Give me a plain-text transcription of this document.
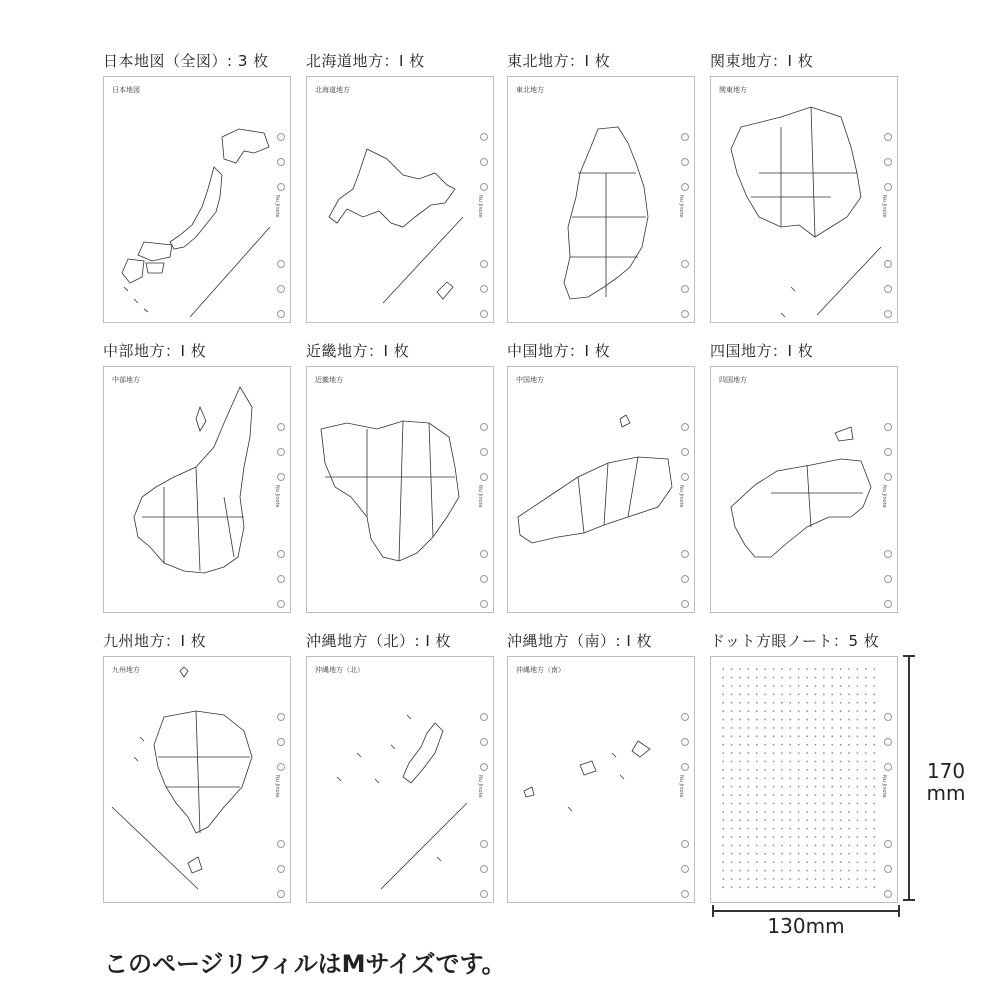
日本地図（全図）: 3 枚
日本地図
Nu Jinote
北海道地方：I 枚
北海道地方
Nu Jinote
東北地方：I 枚
東北地方
Nu Jinote
関東地方：I 枚
関東地方
Nu Jinote
中部地方：I 枚
中部地方
Nu Jinote
近畿地方：I 枚
近畿地方
Nu Jinote
中国地方：I 枚
中国地方
Nu Jinote
四国地方：I 枚
四国地方
Nu Jinote
九州地方：I 枚
九州地方
Nu Jinote
沖縄地方（北）: I 枚
沖縄地方（北）
Nu Jinote
沖縄地方（南）: I 枚
沖縄地方（南）
Nu Jinote
ドット方眼ノート：5 枚
Nu Jinote
170
mm
130mm
このページリフィルはMサイズです。
